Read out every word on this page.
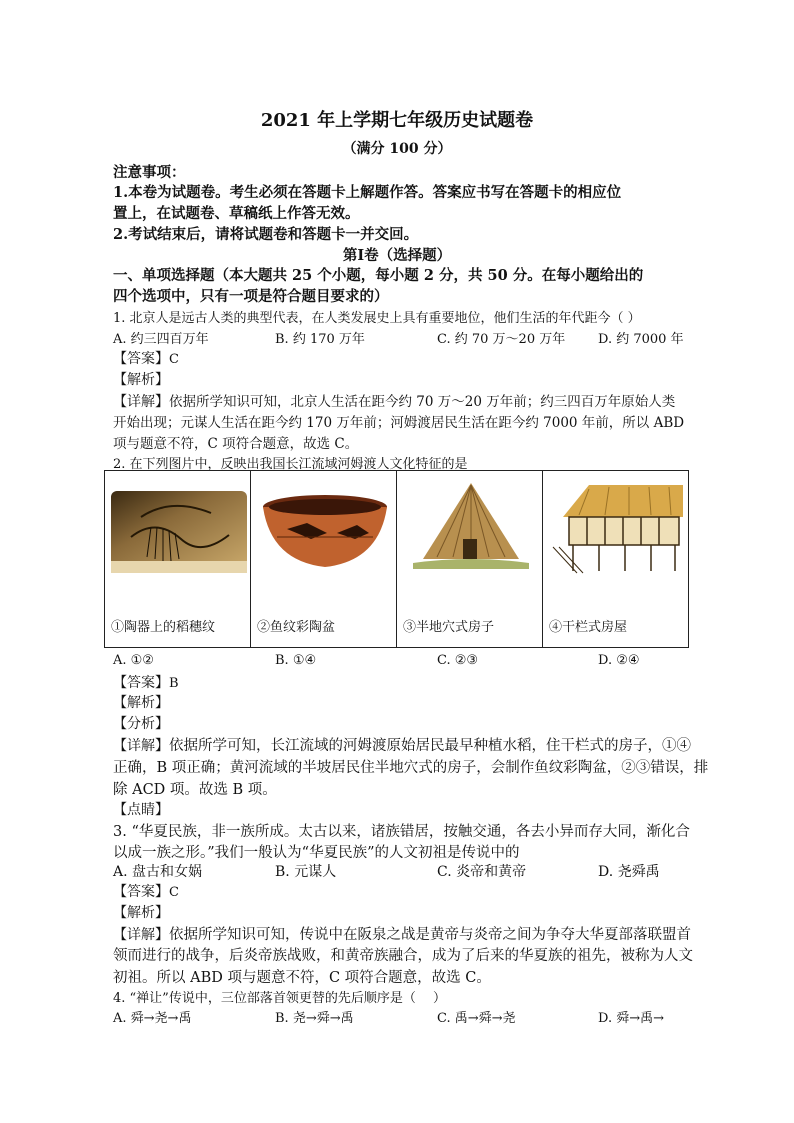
2021 年上学期七年级历史试题卷
（满分 100 分）
注意事项：
1.本卷为试题卷。考生必须在答题卡上解题作答。答案应书写在答题卡的相应位
置上，在试题卷、草稿纸上作答无效。
2.考试结束后，请将试题卷和答题卡一并交回。
第Ⅰ卷（选择题）
一、单项选择题（本大题共 25 个小题，每小题 2 分，共 50 分。在每小题给出的
四个选项中，只有一项是符合题目要求的）
1. 北京人是远古人类的典型代表，在人类发展史上具有重要地位，他们生活的年代距今（ ）
A. 约三四百万年	B. 约 170 万年	C. 约 70 万～20 万年	D. 约 7000 年
【答案】C
【解析】
【详解】依据所学知识可知，北京人生活在距今约 70 万～20 万年前；约三四百万年原始人类
开始出现；元谋人生活在距今约 170 万年前；河姆渡居民生活在距今约 7000 年前，所以 ABD
项与题意不符，C 项符合题意，故选 C。
2. 在下列图片中，反映出我国长江流域河姆渡人文化特征的是
①陶器上的稻穗纹	②鱼纹彩陶盆	③半地穴式房子	④干栏式房屋
A. ①②	B. ①④	C. ②③	D. ②④
【答案】B
【解析】
【分析】
【详解】依据所学可知，长江流域的河姆渡原始居民最早种植水稻，住干栏式的房子，①④
正确，B 项正确；黄河流域的半坡居民住半地穴式的房子，会制作鱼纹彩陶盆，②③错误，排
除 ACD 项。故选 B 项。
【点睛】
3. “华夏民族，非一族所成。太古以来，诸族错居，按触交通，各去小异而存大同，渐化合
以成一族之形。”我们一般认为“华夏民族”的人文初祖是传说中的
A. 盘古和女娲	B. 元谋人	C. 炎帝和黄帝	D. 尧舜禹
【答案】C
【解析】
【详解】依据所学知识可知，传说中在阪泉之战是黄帝与炎帝之间为争夺大华夏部落联盟首
领而进行的战争，后炎帝族战败，和黄帝族融合，成为了后来的华夏族的祖先，被称为人文
初祖。所以 ABD 项与题意不符，C 项符合题意，故选 C。
4. “禅让”传说中，三位部落首领更替的先后顺序是（　 ）
A. 舜→尧→禹	B. 尧→舜→禹	C. 禹→舜→尧	D. 舜→禹→
